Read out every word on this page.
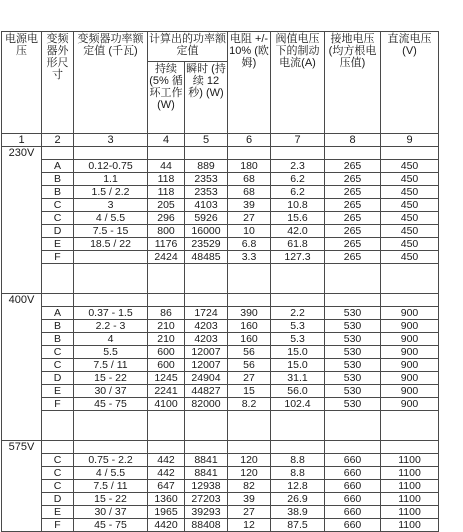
电源电压	变频器外形尺寸	变频器功率额定值 (千瓦)	计算出的功率额定值		电阻 +/- 10% (欧姆)	阀值电压下的制动电流(A)	接地电压(均方根电压值)	直流电压 (V)
			持续 (5% 循环工作 (W)	瞬时 (持续 12 秒) (W)				
1	2	3	4	5	6	7	8	9
230V								
	A	0.12-0.75	44	889	180	2.3	265	450
	B	1.1	118	2353	68	6.2	265	450
	B	1.5 / 2.2	118	2353	68	6.2	265	450
	C	3	205	4103	39	10.8	265	450
	C	4 / 5.5	296	5926	27	15.6	265	450
	D	7.5 - 15	800	16000	10	42.0	265	450
	E	18.5 / 22	1176	23529	6.8	61.8	265	450
	F		2424	48485	3.3	127.3	265	450

400V								
	A	0.37 - 1.5	86	1724	390	2.2	530	900
	B	2.2 - 3	210	4203	160	5.3	530	900
	B	4	210	4203	160	5.3	530	900
	C	5.5	600	12007	56	15.0	530	900
	C	7.5 / 11	600	12007	56	15.0	530	900
	D	15 - 22	1245	24904	27	31.1	530	900
	E	30 / 37	2241	44827	15	56.0	530	900
	F	45 - 75	4100	82000	8.2	102.4	530	900

575V								
	C	0.75 - 2.2	442	8841	120	8.8	660	1100
	C	4 / 5.5	442	8841	120	8.8	660	1100
	C	7.5 / 11	647	12938	82	12.8	660	1100
	D	15 - 22	1360	27203	39	26.9	660	1100
	E	30 / 37	1965	39293	27	38.9	660	1100
	F	45 - 75	4420	88408	12	87.5	660	1100
